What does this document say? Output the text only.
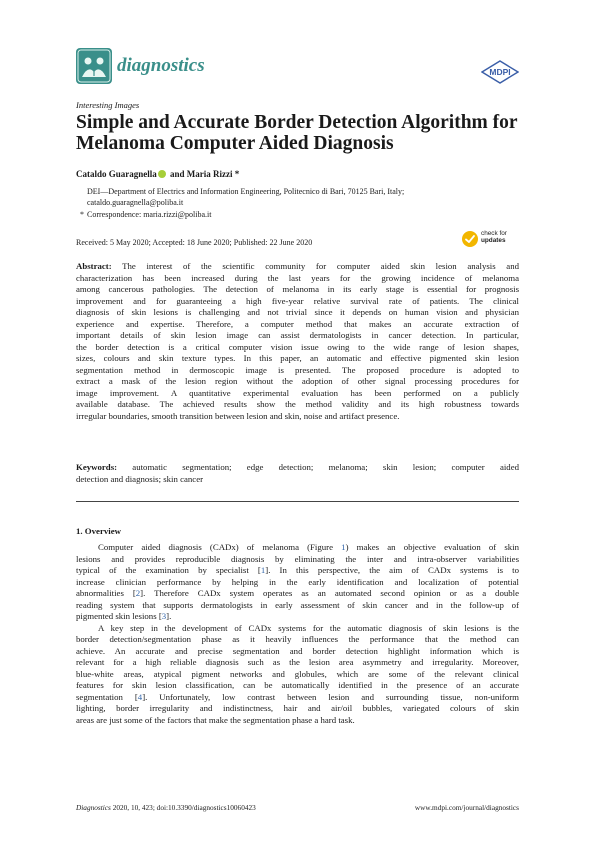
diagnostics	MDPI
Interesting Images
Simple and Accurate Border Detection Algorithm for Melanoma Computer Aided Diagnosis
Cataldo Guaragnella and Maria Rizzi *
DEI—Department of Electrics and Information Engineering, Politecnico di Bari, 70125 Bari, Italy;
cataldo.guaragnella@poliba.it
* Correspondence: maria.rizzi@poliba.it
Received: 5 May 2020; Accepted: 18 June 2020; Published: 22 June 2020
check for
updates
Abstract: The interest of the scientific community for computer aided skin lesion analysis and
characterization has been increased during the last years for the growing incidence of melanoma
among cancerous pathologies. The detection of melanoma in its early stage is essential for prognosis
improvement and for guaranteeing a high five-year relative survival rate of patients. The clinical
diagnosis of skin lesions is challenging and not trivial since it depends on human vision and physician
experience and expertise. Therefore, a computer method that makes an accurate extraction of
important details of skin lesion image can assist dermatologists in cancer detection. In particular,
the border detection is a critical computer vision issue owing to the wide range of lesion shapes,
sizes, colours and skin texture types. In this paper, an automatic and effective pigmented skin lesion
segmentation method in dermoscopic image is presented. The proposed procedure is adopted to
extract a mask of the lesion region without the adoption of other signal processing procedures for
image improvement. A quantitative experimental evaluation has been performed on a publicly
available database. The achieved results show the method validity and its high robustness towards
irregular boundaries, smooth transition between lesion and skin, noise and artifact presence.
Keywords: automatic segmentation; edge detection; melanoma; skin lesion; computer aided
detection and diagnosis; skin cancer
1. Overview
Computer aided diagnosis (CADx) of melanoma (Figure 1) makes an objective evaluation of skin
lesions and provides reproducible diagnosis by eliminating the inter and intra-observer variabilities
typical of the examination by specialist [1]. In this perspective, the aim of CADx systems is to
increase clinician performance by helping in the early identification and localization of potential
abnormalities [2]. Therefore CADx system operates as an automated second opinion or as a double
reading system that supports dermatologists in early assessment of skin cancer and in the follow-up of
pigmented skin lesions [3].
A key step in the development of CADx systems for the automatic diagnosis of skin lesions is the
border detection/segmentation phase as it heavily influences the performance that the method can
achieve. An accurate and precise segmentation and border detection highlight information which is
relevant for a high reliable diagnosis such as the lesion area asymmetry and irregularity. Moreover,
blue-white areas, atypical pigment networks and globules, which are some of the relevant clinical
features for skin lesion classification, can be automatically identified in the presence of an accurate
segmentation [4]. Unfortunately, low contrast between lesion and surrounding tissue, non-uniform
lighting, border irregularity and indistinctness, hair and air/oil bubbles, variegated colours of skin
areas are just some of the factors that make the segmentation phase a hard task.
Diagnostics 2020, 10, 423; doi:10.3390/diagnostics10060423	www.mdpi.com/journal/diagnostics
